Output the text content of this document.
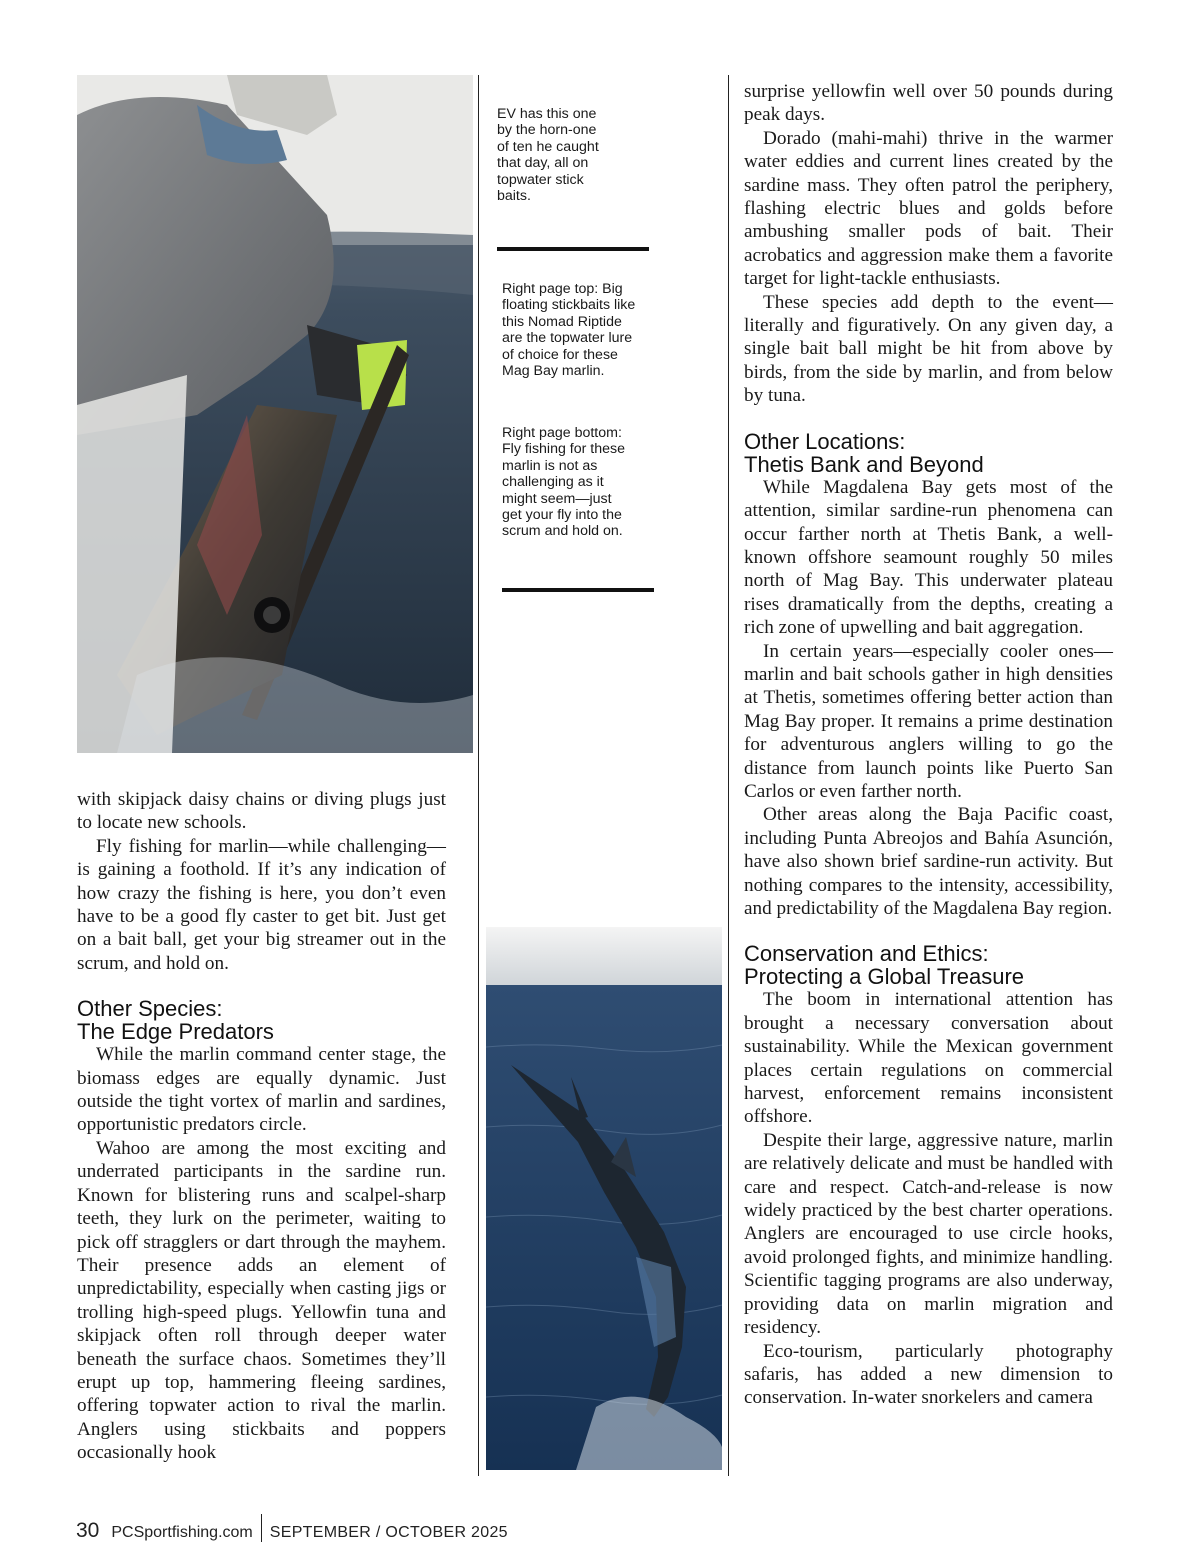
EV has this one
by the horn-one
of ten he caught
that day, all on
topwater stick
baits.
Right page top: Big
floating stickbaits like
this Nomad Riptide
are the topwater lure
of choice for these
Mag Bay marlin.
Right page bottom:
Fly fishing for these
marlin is not as
challenging as it
might seem—just
get your fly into the
scrum and hold on.

with skipjack daisy chains or diving plugs just to locate new schools.

Fly fishing for marlin—while challenging—is gaining a foothold. If it’s any indication of how crazy the fishing is here, you don’t even have to be a good fly caster to get bit. Just get on a bait ball, get your big streamer out in the scrum, and hold on.

Other Species:
The Edge Predators

While the marlin command center stage, the biomass edges are equally dynamic. Just outside the tight vortex of marlin and sardines, opportunistic predators circle.

Wahoo are among the most exciting and underrated participants in the sardine run. Known for blistering runs and scalpel-sharp teeth, they lurk on the perimeter, waiting to pick off stragglers or dart through the mayhem. Their presence adds an element of unpredictability, especially when casting jigs or trolling high-speed plugs. Yellowfin tuna and skipjack often roll through deeper water beneath the surface chaos. Sometimes they’ll erupt up top, hammering fleeing sardines, offering topwater action to rival the marlin. Anglers using stickbaits and poppers occasionally hook

surprise yellowfin well over 50 pounds during peak days.

Dorado (mahi-mahi) thrive in the warmer water eddies and current lines created by the sardine mass. They often patrol the periphery, flashing electric blues and golds before ambushing smaller pods of bait. Their acrobatics and aggression make them a favorite target for light-tackle enthusiasts.

These species add depth to the event—literally and figuratively. On any given day, a single bait ball might be hit from above by birds, from the side by marlin, and from below by tuna.

Other Locations:
Thetis Bank and Beyond

While Magdalena Bay gets most of the attention, similar sardine-run phenomena can occur farther north at Thetis Bank, a well-known offshore seamount roughly 50 miles north of Mag Bay. This underwater plateau rises dramatically from the depths, creating a rich zone of upwelling and bait aggregation.

In certain years—especially cooler ones—marlin and bait schools gather in high densities at Thetis, sometimes offering better action than Mag Bay proper. It remains a prime destination for adventurous anglers willing to go the distance from launch points like Puerto San Carlos or even farther north.

Other areas along the Baja Pacific coast, including Punta Abreojos and Bahía Asunción, have also shown brief sardine-run activity. But nothing compares to the intensity, accessibility, and predictability of the Magdalena Bay region.

Conservation and Ethics:
Protecting a Global Treasure

The boom in international attention has brought a necessary conversation about sustainability. While the Mexican government places certain regulations on commercial harvest, enforcement remains inconsistent offshore.

Despite their large, aggressive nature, marlin are relatively delicate and must be handled with care and respect. Catch-and-release is now widely practiced by the best charter operations. Anglers are encouraged to use circle hooks, avoid prolonged fights, and minimize handling. Scientific tagging programs are also underway, providing data on marlin migration and residency.

Eco-tourism, particularly photography safaris, has added a new dimension to conservation. In-water snorkelers and camera

30 PCSportfishing.com SEPTEMBER / OCTOBER 2025
